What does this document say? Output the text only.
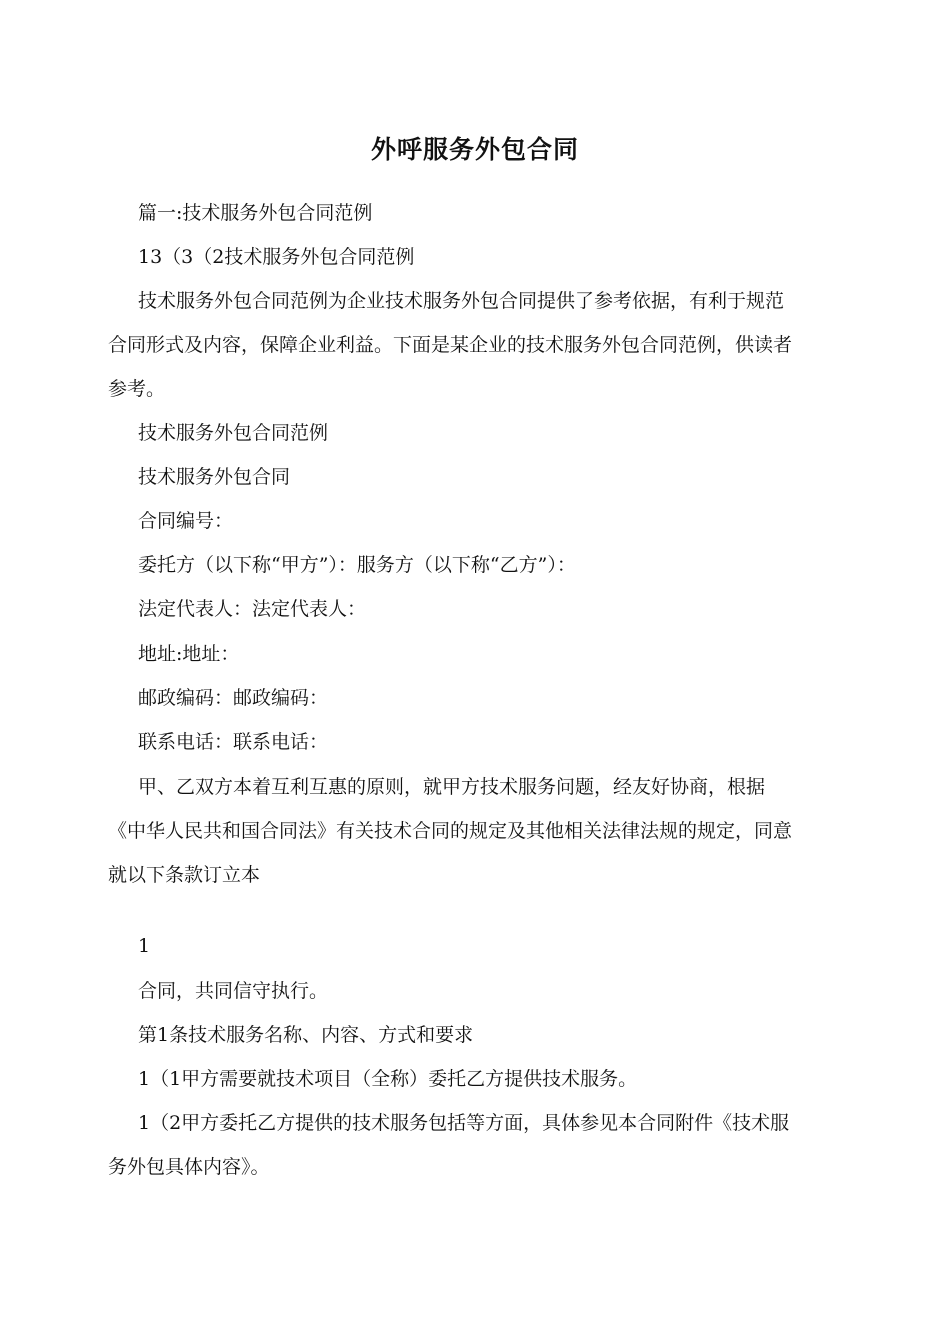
外呼服务外包合同
篇一:技术服务外包合同范例
13（3（2技术服务外包合同范例
技术服务外包合同范例为企业技术服务外包合同提供了参考依据，有利于规范
合同形式及内容，保障企业利益。下面是某企业的技术服务外包合同范例，供读者
参考。
技术服务外包合同范例
技术服务外包合同
合同编号：
委托方（以下称“甲方”）：服务方（以下称“乙方”）：
法定代表人：法定代表人：
地址:地址：
邮政编码：邮政编码：
联系电话：联系电话：
甲、乙双方本着互利互惠的原则，就甲方技术服务问题，经友好协商，根据
《中华人民共和国合同法》有关技术合同的规定及其他相关法律法规的规定，同意
就以下条款订立本
1
合同，共同信守执行。
第1条技术服务名称、内容、方式和要求
1（1甲方需要就技术项目（全称）委托乙方提供技术服务。
1（2甲方委托乙方提供的技术服务包括等方面，具体参见本合同附件《技术服
务外包具体内容》。
